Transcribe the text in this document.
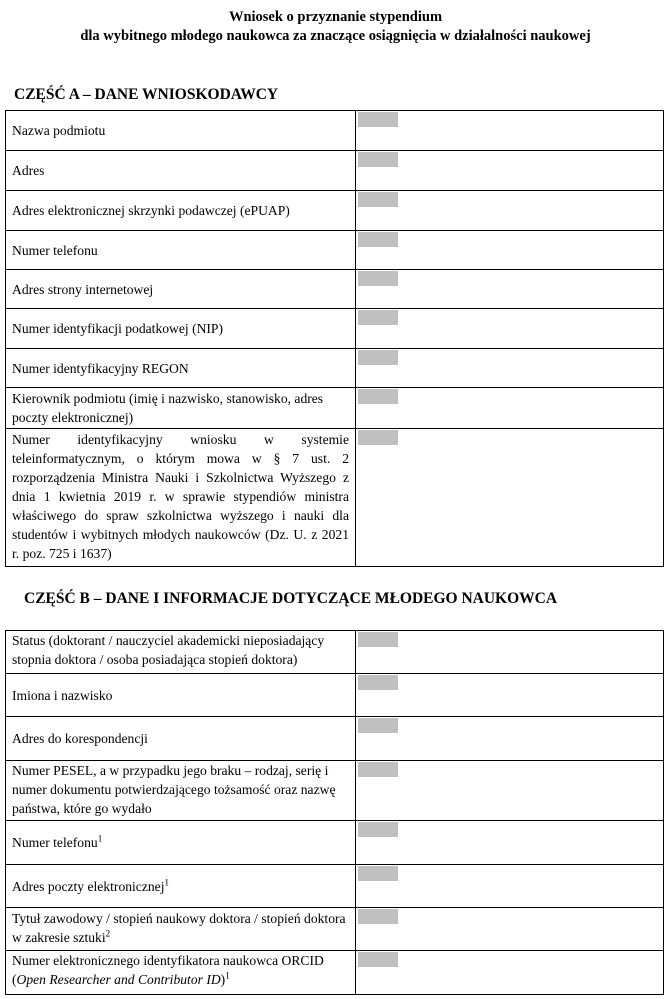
Wniosek o przyznanie stypendium
dla wybitnego młodego naukowca za znaczące osiągnięcia w działalności naukowej
CZĘŚĆ A – DANE WNIOSKODAWCY
Nazwa podmiotu	

Adres	

Adres elektronicznej skrzynki podawczej (ePUAP)	

Numer telefonu	

Adres strony internetowej	

Numer identyfikacji podatkowej (NIP)	

Numer identyfikacyjny REGON	

Kierownik podmiotu (imię i nazwisko, stanowisko, adres poczty elektronicznej)	

Numer identyfikacyjny wniosku w systemie teleinformatycznym, o którym mowa w § 7 ust. 2 rozporządzenia Ministra Nauki i Szkolnictwa Wyższego z dnia 1 kwietnia 2019 r. w sprawie stypendiów ministra właściwego do spraw szkolnictwa wyższego i nauki dla studentów i wybitnych młodych naukowców (Dz. U. z 2021 r. poz. 725 i 1637)	
CZĘŚĆ B – DANE I INFORMACJE DOTYCZĄCE MŁODEGO NAUKOWCA
Status (doktorant / nauczyciel akademicki nieposiadający stopnia doktora / osoba posiadająca stopień doktora)	

Imiona i nazwisko	

Adres do korespondencji	

Numer PESEL, a w przypadku jego braku – rodzaj, serię i numer dokumentu potwierdzającego tożsamość oraz nazwę państwa, które go wydało	

Numer telefonu$^1$	

Adres poczty elektronicznej$^1$	

Tytuł zawodowy / stopień naukowy doktora / stopień doktora w zakresie sztuki$^2$	

Numer elektronicznego identyfikatora naukowca ORCID (Open Researcher and Contributor ID)$^1$	
